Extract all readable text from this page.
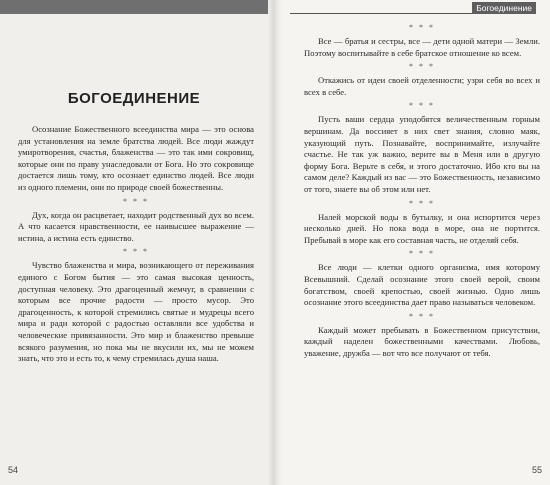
БОГОЕДИНЕНИЕ

Осознание Божественного всеединства мира — это основа для установления на земле братства людей. Все люди жаждут умиротворения, счастья, блаженства — это так ими сокровищ, которые они по праву унаследовали от Бога. Но это сокровище достается лишь тому, кто осознает единство людей. Все люди из одного племени, они по природе своей божественны.

* * *

Дух, когда он расцветает, находит родственный дух во всем. А что касается нравственности, ее наивысшее выражение — истина, а истина есть единство.

* * *

Чувство блаженства и мира, возникающего от переживания единого с Богом бытия — это самая высокая ценность, доступная человеку. Это драгоценный жемчуг, в сравнении с которым все прочие радости — просто мусор. Это драгоценность, к которой стремились святые и мудрецы всего мира и ради которой с радостью оставляли все удобства и человеческие привязанности. Это мир и блаженство превыше всякого разумения, но пока мы не вкусили их, мы не можем знать, что это и есть то, к чему стремилась душа наша.

54
Богоединение
* * *

Все — братья и сестры, все — дети одной матери — Земли. Поэтому воспитывайте в себе братское отношение ко всем.

* * *

Откажись от идеи своей отделенности; узри себя во всех и всех в себе.

* * *

Пусть ваши сердца уподобятся величественным горным вершинам. Да воссияет в них свет знания, словно маяк, указующий путь. Познавайте, воспринимайте, излучайте счастье. Не так уж важно, верите вы в Меня или в другую форму Бога. Верьте в себя, и этого достаточно. Ибо кто вы на самом деле? Каждый из вас — это Божественность, независимо от того, знаете вы об этом или нет.

* * *

Налей морской воды в бутылку, и она испортится через несколько дней. Но пока вода в море, она не портится. Пребывай в море как его составная часть, не отделяй себя.

* * *

Все люди — клетки одного организма, имя которому Всевышний. Сделай осознание этого своей верой, своим богатством, своей крепостью, своей жизнью. Одно лишь осознание этого всеединства дает право называться человеком.

* * *

Каждый может пребывать в Божественном присутствии, каждый наделен божественными качествами. Любовь, уважение, дружба — вот что все получают от тебя.

55
